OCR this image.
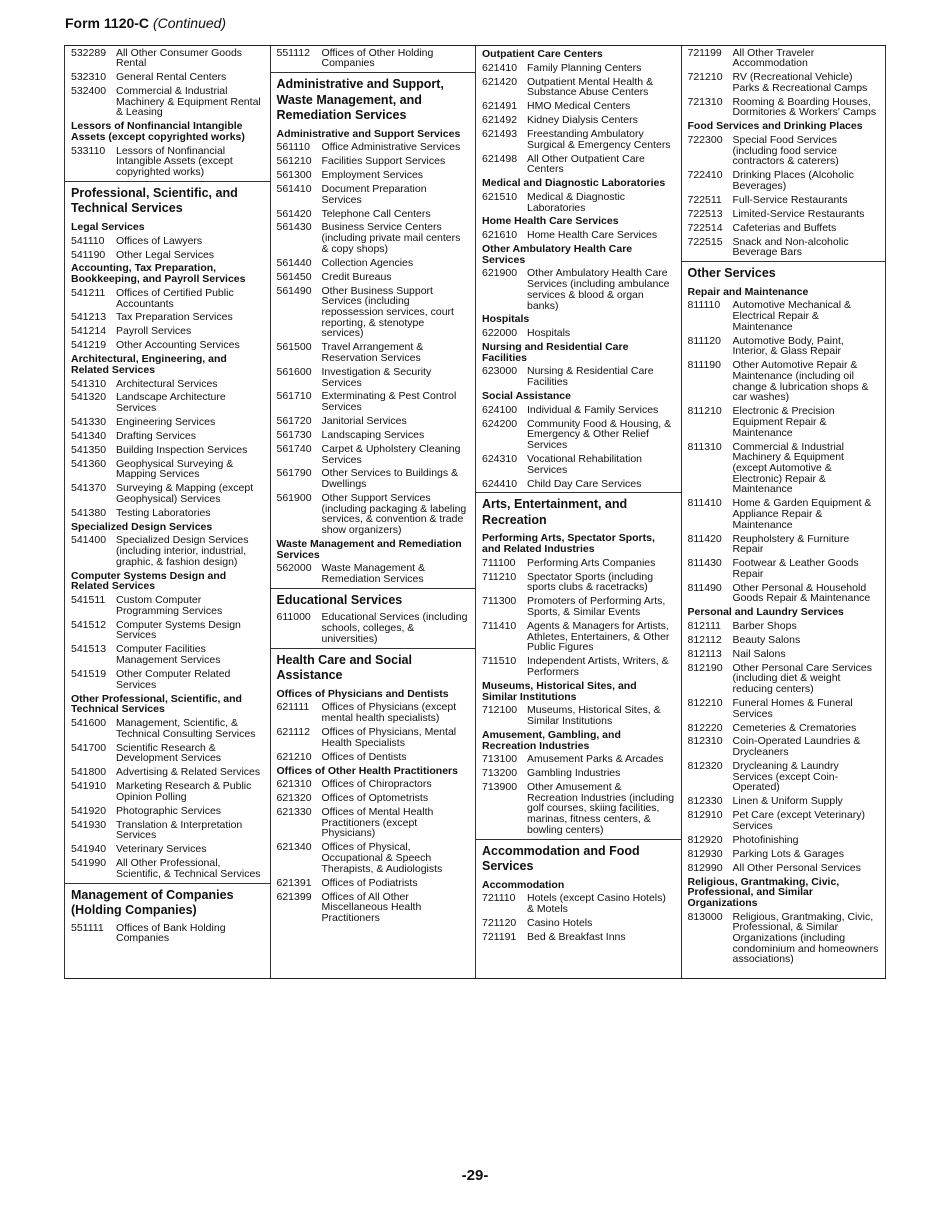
Form 1120-C (Continued)
532289 All Other Consumer Goods Rental
532310 General Rental Centers
532400 Commercial & Industrial Machinery & Equipment Rental & Leasing
Lessors of Nonfinancial Intangible Assets (except copyrighted works)
533110	Lessors of Nonfinancial Intangible Assets (except copyrighted works)
Professional, Scientific, and Technical Services
Legal Services
541110	Offices of Lawyers
541190	Other Legal Services
Accounting, Tax Preparation, Bookkeeping, and Payroll Services
541211	Offices of Certified Public Accountants
541213 Tax Preparation Services
541214 Payroll Services
541219 Other Accounting Services
Architectural, Engineering, and Related Services
541310 Architectural Services
541320 Landscape Architecture Services
541330 Engineering Services
541340 Drafting Services
541350 Building Inspection Services
541360 Geophysical Surveying & Mapping Services
541370 Surveying & Mapping (except Geophysical) Services
541380 Testing Laboratories
Specialized Design Services
541400 Specialized Design Services (including interior, industrial, graphic, & fashion design)
Computer Systems Design and Related Services
541511	Custom Computer Programming Services
541512 Computer Systems Design Services
541513 Computer Facilities Management Services
541519 Other Computer Related Services
Other Professional, Scientific, and Technical Services
541600 Management, Scientific, & Technical Consulting Services
541700 Scientific Research & Development Services
541800 Advertising & Related Services
541910 Marketing Research & Public Opinion Polling
541920 Photographic Services
541930 Translation & Interpretation Services
541940 Veterinary Services
541990 All Other Professional, Scientific, & Technical Services
Management of Companies (Holding Companies)
551111	Offices of Bank Holding Companies
551112	Offices of Other Holding Companies
Administrative and Support, Waste Management, and Remediation Services
Administrative and Support Services
561110	Office Administrative Services
561210 Facilities Support Services
561300 Employment Services
561410 Document Preparation Services
561420 Telephone Call Centers
561430 Business Service Centers (including private mail centers & copy shops)
561440 Collection Agencies
561450 Credit Bureaus
561490 Other Business Support Services (including repossession services, court reporting, & stenotype services)
561500 Travel Arrangement & Reservation Services
561600 Investigation & Security Services
561710 Exterminating & Pest Control Services
561720 Janitorial Services
561730 Landscaping Services
561740 Carpet & Upholstery Cleaning Services
561790 Other Services to Buildings & Dwellings
561900 Other Support Services (including packaging & labeling services, & convention & trade show organizers)
Waste Management and Remediation Services
562000 Waste Management & Remediation Services
Educational Services
611000	Educational Services (including schools, colleges, & universities)
Health Care and Social Assistance
Offices of Physicians and Dentists
621111	Offices of Physicians (except mental health specialists)
621112	Offices of Physicians, Mental Health Specialists
621210 Offices of Dentists
Offices of Other Health Practitioners
621310 Offices of Chiropractors
621320 Offices of Optometrists
621330 Offices of Mental Health Practitioners (except Physicians)
621340 Offices of Physical, Occupational & Speech Therapists, & Audiologists
621391 Offices of Podiatrists
621399 Offices of All Other Miscellaneous Health Practitioners
Outpatient Care Centers
621410 Family Planning Centers
621420 Outpatient Mental Health & Substance Abuse Centers
621491 HMO Medical Centers
621492 Kidney Dialysis Centers
621493 Freestanding Ambulatory Surgical & Emergency Centers
621498 All Other Outpatient Care Centers
Medical and Diagnostic Laboratories
621510 Medical & Diagnostic Laboratories
Home Health Care Services
621610 Home Health Care Services
Other Ambulatory Health Care Services
621900 Other Ambulatory Health Care Services (including ambulance services & blood & organ banks)
Hospitals
622000 Hospitals
Nursing and Residential Care Facilities
623000 Nursing & Residential Care Facilities
Social Assistance
624100 Individual & Family Services
624200 Community Food & Housing, & Emergency & Other Relief Services
624310 Vocational Rehabilitation Services
624410 Child Day Care Services
Arts, Entertainment, and Recreation
Performing Arts, Spectator Sports, and Related Industries
711100	Performing Arts Companies
711210	Spectator Sports (including sports clubs & racetracks)
711300	Promoters of Performing Arts, Sports, & Similar Events
711410	Agents & Managers for Artists, Athletes, Entertainers, & Other Public Figures
711510	Independent Artists, Writers, & Performers
Museums, Historical Sites, and Similar Institutions
712100 Museums, Historical Sites, & Similar Institutions
Amusement, Gambling, and Recreation Industries
713100 Amusement Parks & Arcades
713200 Gambling Industries
713900 Other Amusement & Recreation Industries (including golf courses, skiing facilities, marinas, fitness centers, & bowling centers)
Accommodation and Food Services
Accommodation
721110	Hotels (except Casino Hotels) & Motels
721120	Casino Hotels
721191	Bed & Breakfast Inns
721199	All Other Traveler Accommodation
721210 RV (Recreational Vehicle) Parks & Recreational Camps
721310 Rooming & Boarding Houses, Dormitories & Workers' Camps
Food Services and Drinking Places
722300 Special Food Services (including food service contractors & caterers)
722410 Drinking Places (Alcoholic Beverages)
722511	Full-Service Restaurants
722513 Limited-Service Restaurants
722514 Cafeterias and Buffets
722515 Snack and Non-alcoholic Beverage Bars
Other Services
Repair and Maintenance
811110	Automotive Mechanical & Electrical Repair & Maintenance
811120	Automotive Body, Paint, Interior, & Glass Repair
811190	Other Automotive Repair & Maintenance (including oil change & lubrication shops & car washes)
811210	Electronic & Precision Equipment Repair & Maintenance
811310	Commercial & Industrial Machinery & Equipment (except Automotive & Electronic) Repair & Maintenance
811410	Home & Garden Equipment & Appliance Repair & Maintenance
811420	Reupholstery & Furniture Repair
811430	Footwear & Leather Goods Repair
811490	Other Personal & Household Goods Repair & Maintenance
Personal and Laundry Services
812111	Barber Shops
812112	Beauty Salons
812113	Nail Salons
812190 Other Personal Care Services (including diet & weight reducing centers)
812210 Funeral Homes & Funeral Services
812220 Cemeteries & Crematories
812310 Coin-Operated Laundries & Drycleaners
812320 Drycleaning & Laundry Services (except Coin-Operated)
812330 Linen & Uniform Supply
812910 Pet Care (except Veterinary) Services
812920 Photofinishing
812930 Parking Lots & Garages
812990 All Other Personal Services
Religious, Grantmaking, Civic, Professional, and Similar Organizations
813000 Religious, Grantmaking, Civic, Professional, & Similar Organizations (including condominium and homeowners associations)
-29-
